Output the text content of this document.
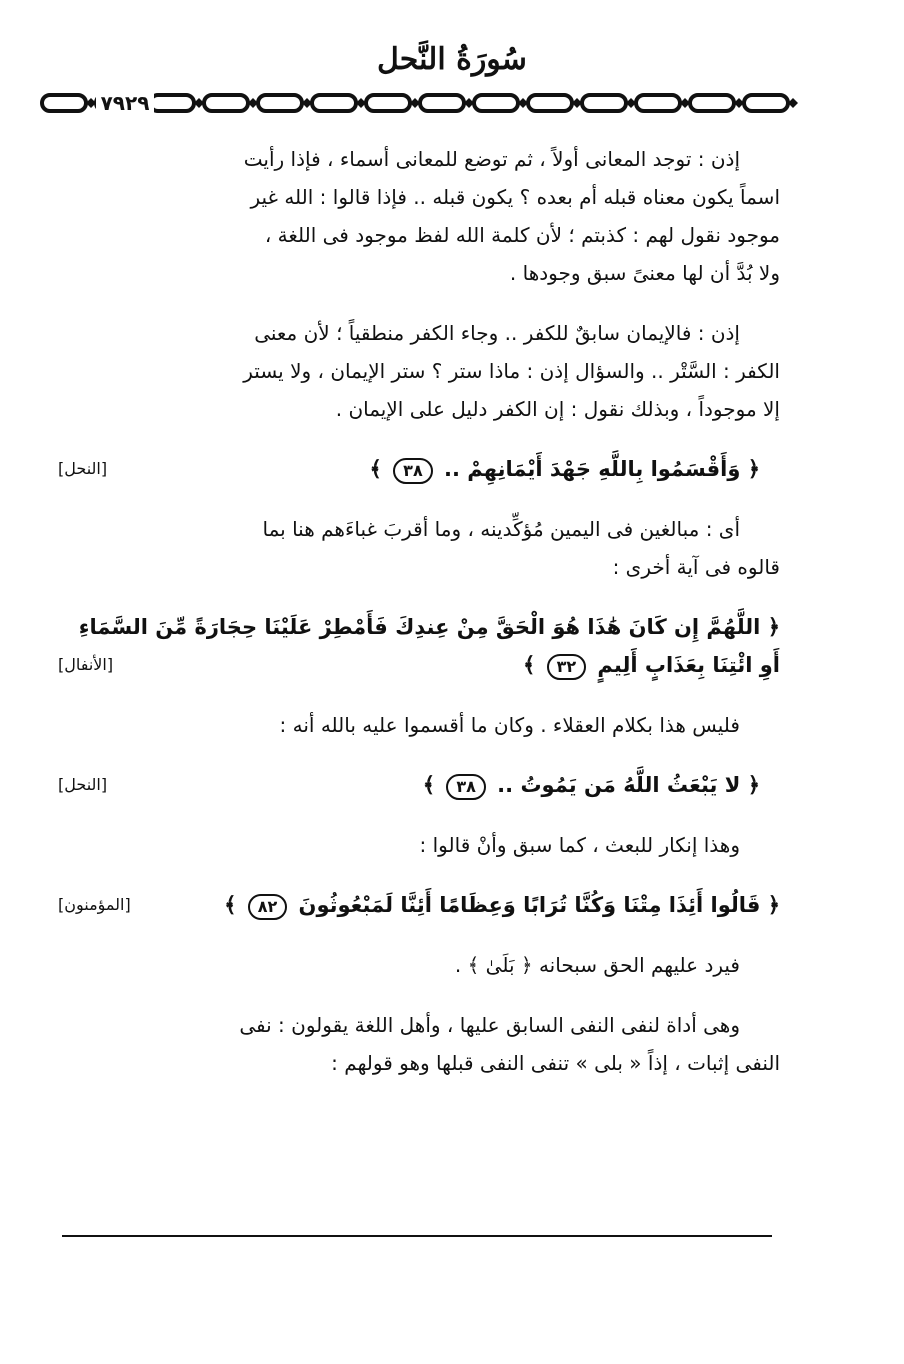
سُورَةُ النَّحل
٧٩٢٩
إذن : توجد المعانى أولاً ، ثم توضع للمعانى أسماء ، فإذا رأيت
اسماً يكون معناه قبله أم بعده ؟ يكون قبله .. فإذا قالوا : الله غير
موجود نقول لهم : كذبتم ؛ لأن كلمة الله لفظ موجود فى اللغة ،
ولا بُدَّ أن لها معنىً سبق وجودها .
إذن : فالإيمان سابقٌ للكفر .. وجاء الكفر منطقياً ؛ لأن معنى
الكفر : السَّتْر .. والسؤال إذن : ماذا ستر ؟ ستر الإيمان ، ولا يستر
إلا موجوداً ، وبذلك نقول : إن الكفر دليل على الإيمان .
﴿ وَأَقْسَمُوا بِاللَّهِ جَهْدَ أَيْمَانِهِمْ .. ٣٨ ﴾
[النحل]
أى : مبالغين فى اليمين مُؤكِّدينه ، وما أقربَ غباءَهم هنا بما
قالوه فى آية أخرى :
﴿ اللَّهُمَّ إِن كَانَ هَٰذَا هُوَ الْحَقَّ مِنْ عِندِكَ فَأَمْطِرْ عَلَيْنَا حِجَارَةً مِّنَ السَّمَاءِ
أَوِ ائْتِنَا بِعَذَابٍ أَلِيمٍ ٣٢ ﴾
[الأنفال]
فليس هذا بكلام العقلاء . وكان ما أقسموا عليه بالله أنه :
﴿ لا يَبْعَثُ اللَّهُ مَن يَمُوتُ .. ٣٨ ﴾
[النحل]
وهذا إنكار للبعث ، كما سبق وأنْ قالوا :
﴿ قَالُوا أَئِذَا مِتْنَا وَكُنَّا تُرَابًا وَعِظَامًا أَئِنَّا لَمَبْعُوثُونَ ٨٢ ﴾
[المؤمنون]
فيرد عليهم الحق سبحانه ﴿ بَلَىٰ ﴾ .
وهى أداة لنفى النفى السابق عليها ، وأهل اللغة يقولون : نفى
النفى إثبات ، إذاً « بلى » تنفى النفى قبلها وهو قولهم :
